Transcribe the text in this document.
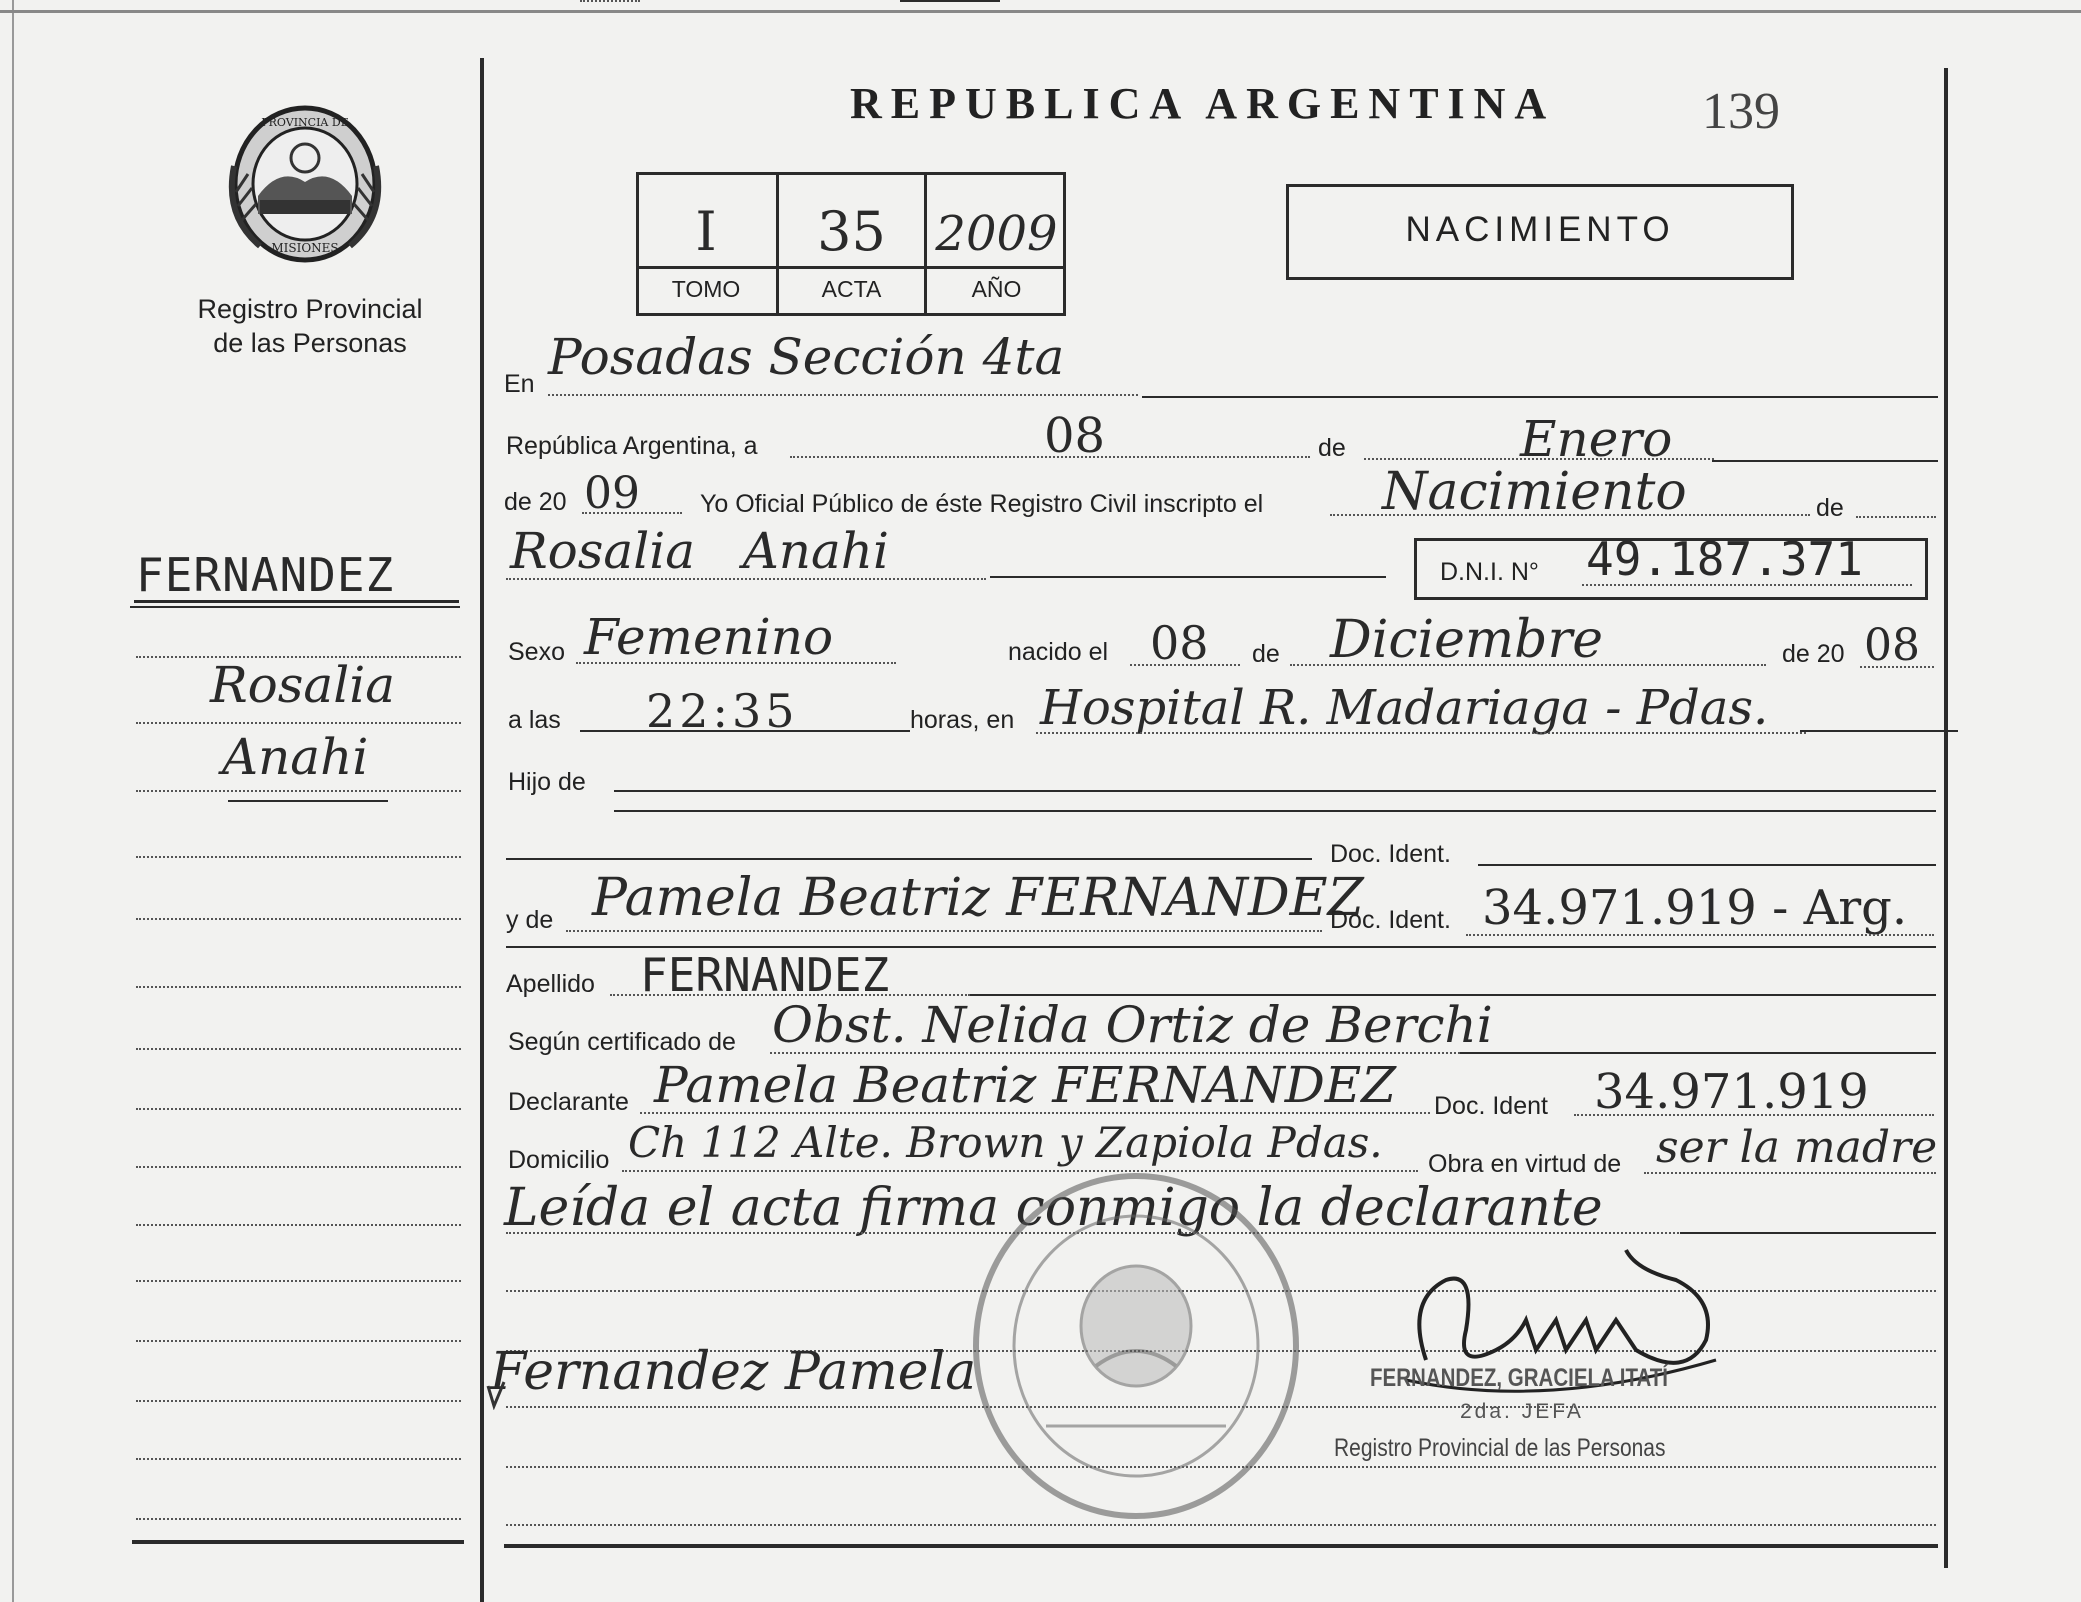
PROVINCIA DE
MISIONES
Registro Provincial
de las Personas
FERNANDEZ
Rosalia
Anahi
REPUBLICA ARGENTINA	139
I	35	2009
TOMO	ACTA	AÑO
NACIMIENTO
En Posadas Sección 4ta
República Argentina, a	08	de	Enero
de 20 09 Yo Oficial Público de éste Registro Civil inscripto el Nacimiento	de
Rosalia   Anahi	D.N.I. N° 49.187.371
Sexo Femenino	nacido el 08 de Diciembre	de 20 08
a las 22:35	horas, en Hospital R. Madariaga - Pdas.
Hijo de
Doc. Ident.
y de Pamela Beatriz FERNANDEZ
Doc. Ident. 34.971.919 - Arg.
Apellido FERNANDEZ
Según certificado de Obst. Nelida Ortiz de Berchi
Declarante Pamela Beatriz FERNANDEZ Doc. Ident 34.971.919
Domicilio Ch 112 Alte. Brown y Zapiola Pdas. Obra en virtud de ser la madre
Leída el acta firma conmigo la declarante
Fernandez Pamela	FERNANDEZ, GRACIELA ITATÍ
2da. JEFA
Registro Provincial de las Personas
